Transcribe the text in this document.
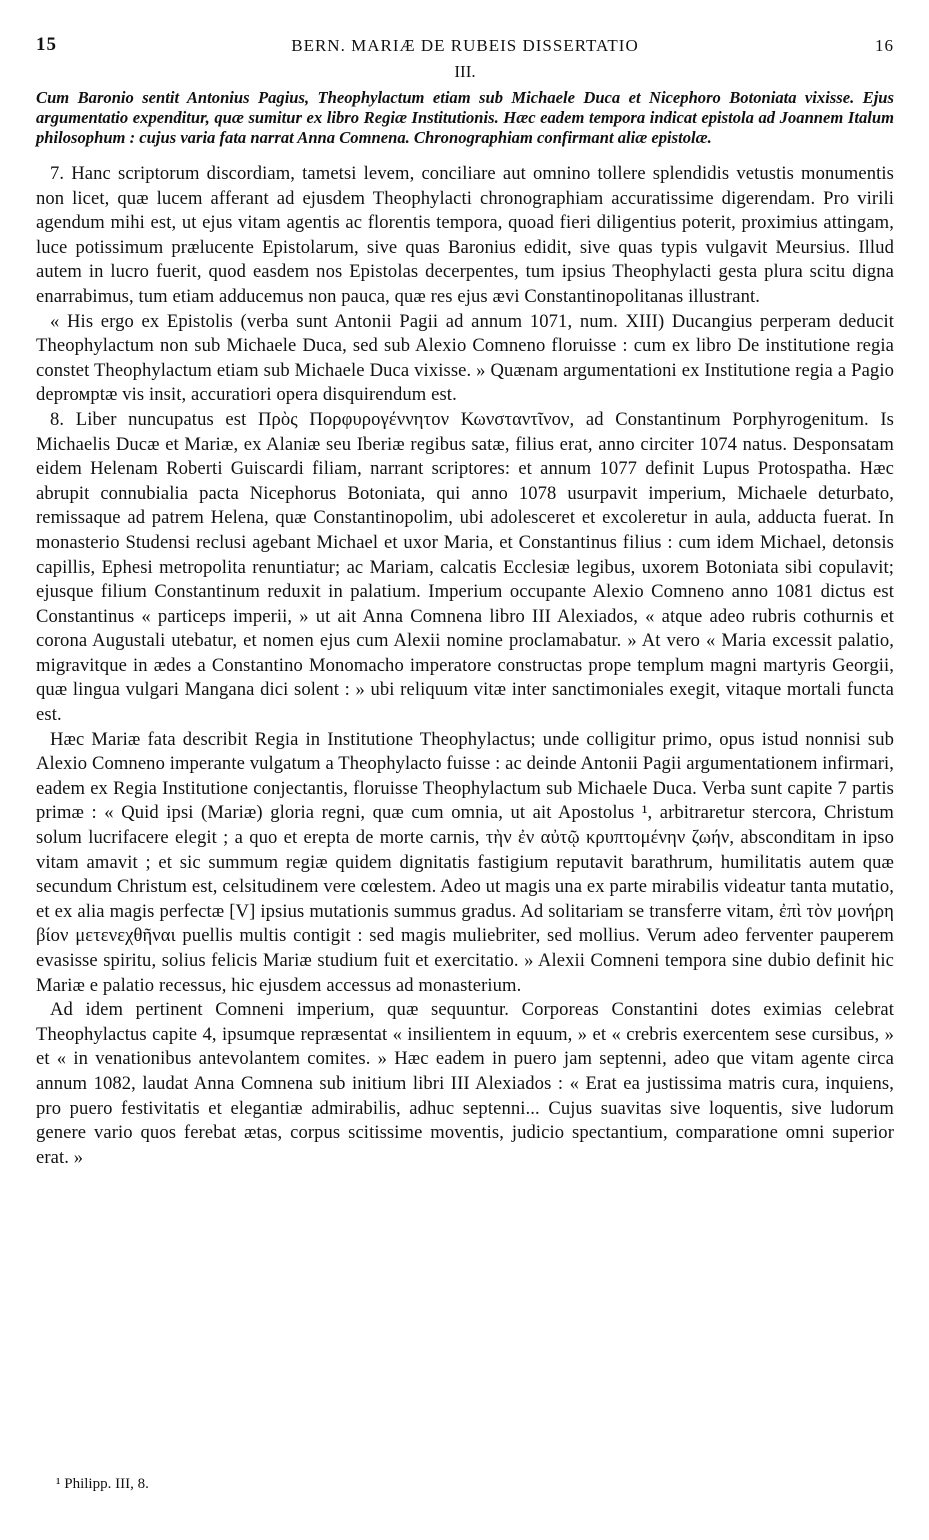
15	BERN. MARIÆ DE RUBEIS DISSERTATIO	16
III.
Cum Baronio sentit Antonius Pagius, Theophylactum etiam sub Michaele Duca et Nicephoro Botoniata vixisse. Ejus argumentatio expenditur, quæ sumitur ex libro Regiæ Institutionis. Hæc eadem tempora indicat epistola ad Joannem Italum philosophum : cujus varia fata narrat Anna Comnena. Chronographiam confirmant aliæ epistolæ.

7. Hanc scriptorum discordiam, tametsi levem, conciliare aut omnino tollere splendidis vetustis monumentis non licet, quæ lucem afferant ad ejusdem Theophylacti chronographiam accuratissime digerendam. Pro virili agendum mihi est, ut ejus vitam agentis ac florentis tempora, quoad fieri diligentius poterit, proximius attingam, luce potissimum prælucente Epistolarum, sive quas Baronius edidit, sive quas typis vulgavit Meursius. Illud autem in lucro fuerit, quod easdem nos Epistolas decerpentes, tum ipsius Theophylacti gesta plura scitu digna enarrabimus, tum etiam adducemus non pauca, quæ res ejus ævi Constantinopolitanas illustrant.

« His ergo ex Epistolis (verba sunt Antonii Pagii ad annum 1071, num. XIII) Ducangius perperam deducit Theophylactum non sub Michaele Duca, sed sub Alexio Comneno floruisse : cum ex libro De institutione regia constet Theophylactum etiam sub Michaele Duca vixisse. » Quænam argumentationi ex Institutione regia a Pagio deprомptæ vis insit, accuratiori opera disquirendum est.

8. Liber nuncupatus est Πρὸς Πορφυρογέννητον Κωνσταντῖνον, ad Constantinum Porphyrogenitum. Is Michaelis Ducæ et Mariæ, ex Alaniæ seu Iberiæ regibus satæ, filius erat, anno circiter 1074 natus. Desponsatam eidem Helenam Roberti Guiscardi filiam, narrant scriptores: et annum 1077 definit Lupus Protospatha. Hæc abrupit connubialia pacta Nicephorus Botoniata, qui anno 1078 usurpavit imperium, Michaele deturbato, remissaque ad patrem Helena, quæ Constantinopolim, ubi adolesceret et excoleretur in aula, adducta fuerat. In monasterio Studensi reclusi agebant Michael et uxor Maria, et Constantinus filius : cum idem Michael, detonsis capillis, Ephesi metropolita renuntiatur; ac Mariam, calcatis Ecclesiæ legibus, uxorem Botoniata sibi copulavit; ejusque filium Constantinum reduxit in palatium. Imperium occupante Alexio Comneno anno 1081 dictus est Constantinus « particeps imperii, » ut ait Anna Comnena libro III Alexiados, « atque adeo rubris cothurnis et corona Augustali utebatur, et nomen ejus cum Alexii nomine proclamabatur. » At vero « Maria excessit palatio, migravitque in ædes a Constantino Monomacho imperatore constructas prope templum magni martyris Georgii, quæ lingua vulgari Mangana dici solent : » ubi reliquum vitæ inter sanctimoniales exegit, vitaque mortali functa est.

Hæc Mariæ fata describit Regia in Institutione Theophylactus; unde colligitur primo, opus istud nonnisi sub Alexio Comneno imperante vulgatum a Theophylacto fuisse : ac deinde Antonii Pagii argumentationem infirmari, eadem ex Regia Institutione conjectantis, floruisse Theophylactum sub Michaele Duca. Verba sunt capite 7 partis primæ : « Quid ipsi (Mariæ) gloria regni, quæ cum omnia, ut ait Apostolus ¹, arbitraretur stercora, Christum solum lucrifacere elegit ; a quo et erepta de morte carnis, τὴν ἐν αὐτῷ κρυπτομένην ζωήν, absconditam in ipso vitam amavit ; et sic summum regiæ quidem dignitatis fastigium reputavit barathrum, humilitatis autem quæ secundum Christum est, celsitudinem vere cœlestem. Adeo ut magis una ex parte mirabilis videatur tanta mutatio, et ex alia magis perfectæ [V] ipsius mutationis summus gradus. Ad solitariam se transferre vitam, ἐπὶ τὸν μονήρη βίον μετενεχθῆναι puellis multis contigit : sed magis muliebriter, sed mollius. Verum adeo ferventer pauperem evasisse spiritu, solius felicis Mariæ studium fuit et exercitatio. » Alexii Comneni tempora sine dubio definit hic Mariæ e palatio recessus, hic ejusdem accessus ad monasterium.

Ad idem pertinent Comneni imperium, quæ sequuntur. Corporeas Constantini dotes eximias celebrat Theophylactus capite 4, ipsumque repræsentat « insilientem in equum, » et « crebris exercentem sese cursibus, » et « in venationibus antevolantem comites. » Hæc eadem in puero jam septenni, adeo que vitam agente circa annum 1082, laudat Anna Comnena sub initium libri III Alexiados : « Erat ea justissima matris cura, inquiens, pro puero festivitatis et elegantiæ admirabilis, adhuc septenni... Cujus suavitas sive loquentis, sive ludorum genere vario quos ferebat ætas, corpus scitissime moventis, judicio spectantium, comparatione omni superior erat. »

¹ Philipp. III, 8.
